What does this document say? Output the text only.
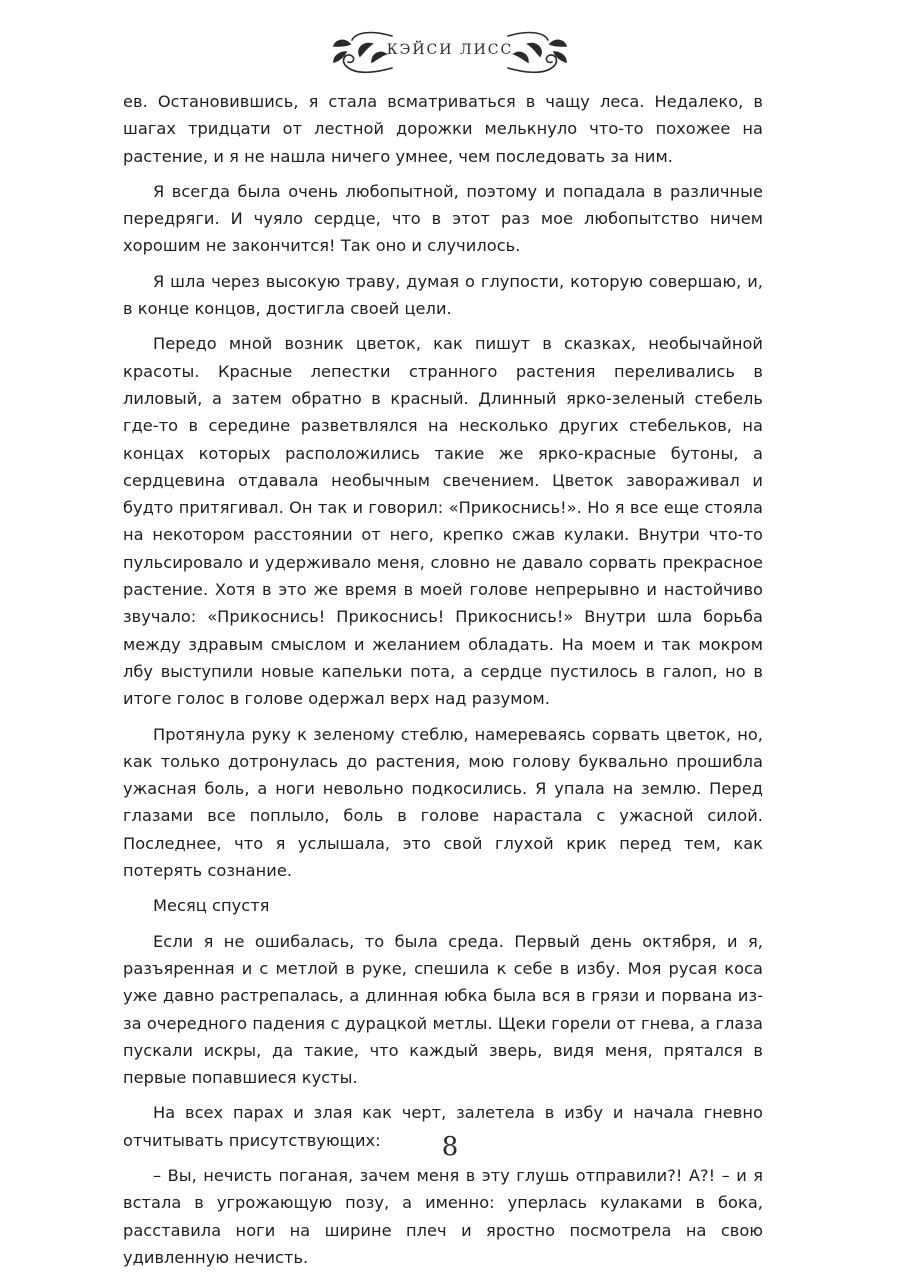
КЭЙСИ ЛИСС

ев. Остановившись, я стала всматриваться в чащу леса. Недалеко, в шагах тридцати от лестной дорожки мелькнуло что-то похожее на растение, и я не нашла ничего умнее, чем последовать за ним.

Я всегда была очень любопытной, поэтому и попадала в различные передряги. И чуяло сердце, что в этот раз мое любопытство ничем хорошим не закончится! Так оно и случилось.

Я шла через высокую траву, думая о глупости, которую совершаю, и, в конце концов, достигла своей цели.

Передо мной возник цветок, как пишут в сказках, необычайной красоты. Красные лепестки странного растения переливались в лиловый, а затем обратно в красный. Длинный ярко-зеленый стебель где-то в середине разветвлялся на несколько других стебельков, на концах которых расположились такие же ярко-красные бутоны, а сердцевина отдавала необычным свечением. Цветок завораживал и будто притягивал. Он так и говорил: «Прикоснись!». Но я все еще стояла на некотором расстоянии от него, крепко сжав кулаки. Внутри что-то пульсировало и удерживало меня, словно не давало сорвать прекрасное растение. Хотя в это же время в моей голове непрерывно и настойчиво звучало: «Прикоснись! Прикоснись! Прикоснись!» Внутри шла борьба между здравым смыслом и желанием обладать. На моем и так мокром лбу выступили новые капельки пота, а сердце пустилось в галоп, но в итоге голос в голове одержал верх над разумом.

Протянула руку к зеленому стеблю, намереваясь сорвать цветок, но, как только дотронулась до растения, мою голову буквально прошибла ужасная боль, а ноги невольно подкосились. Я упала на землю. Перед глазами все поплыло, боль в голове нарастала с ужасной силой. Последнее, что я услышала, это свой глухой крик перед тем, как потерять сознание.

Месяц спустя

Если я не ошибалась, то была среда. Первый день октября, и я, разъяренная и с метлой в руке, спешила к себе в избу. Моя русая коса уже давно растрепалась, а длинная юбка была вся в грязи и порвана из-за очередного падения с дурацкой метлы. Щеки горели от гнева, а глаза пускали искры, да такие, что каждый зверь, видя меня, прятался в первые попавшиеся кусты.

На всех парах и злая как черт, залетела в избу и начала гневно отчитывать присутствующих:

– Вы, нечисть поганая, зачем меня в эту глушь отправили?! А?! – и я встала в угрожающую позу, а именно: уперлась кулаками в бока, расставила ноги на ширине плеч и яростно посмотрела на свою удивленную нечисть.

8
